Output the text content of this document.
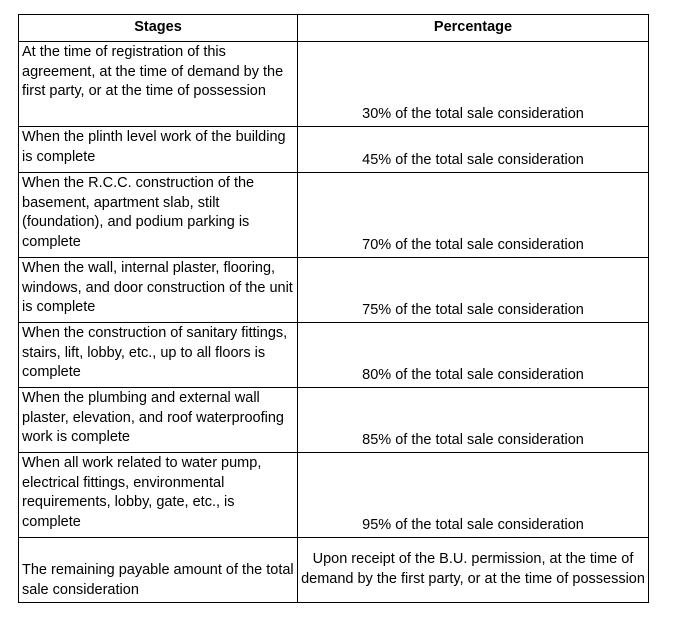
Stages	Percentage
At the time of registration of this agreement, at the time of demand by the first party, or at the time of possession	30% of the total sale consideration
When the plinth level work of the building is complete	45% of the total sale consideration
When the R.C.C. construction of the basement, apartment slab, stilt (foundation), and podium parking is complete	70% of the total sale consideration
When the wall, internal plaster, flooring, windows, and door construction of the unit is complete	75% of the total sale consideration
When the construction of sanitary fittings, stairs, lift, lobby, etc., up to all floors is complete	80% of the total sale consideration
When the plumbing and external wall plaster, elevation, and roof waterproofing work is complete	85% of the total sale consideration
When all work related to water pump, electrical fittings, environmental requirements, lobby, gate, etc., is complete	95% of the total sale consideration
The remaining payable amount of the total sale consideration	Upon receipt of the B.U. permission, at the time of demand by the first party, or at the time of possession
